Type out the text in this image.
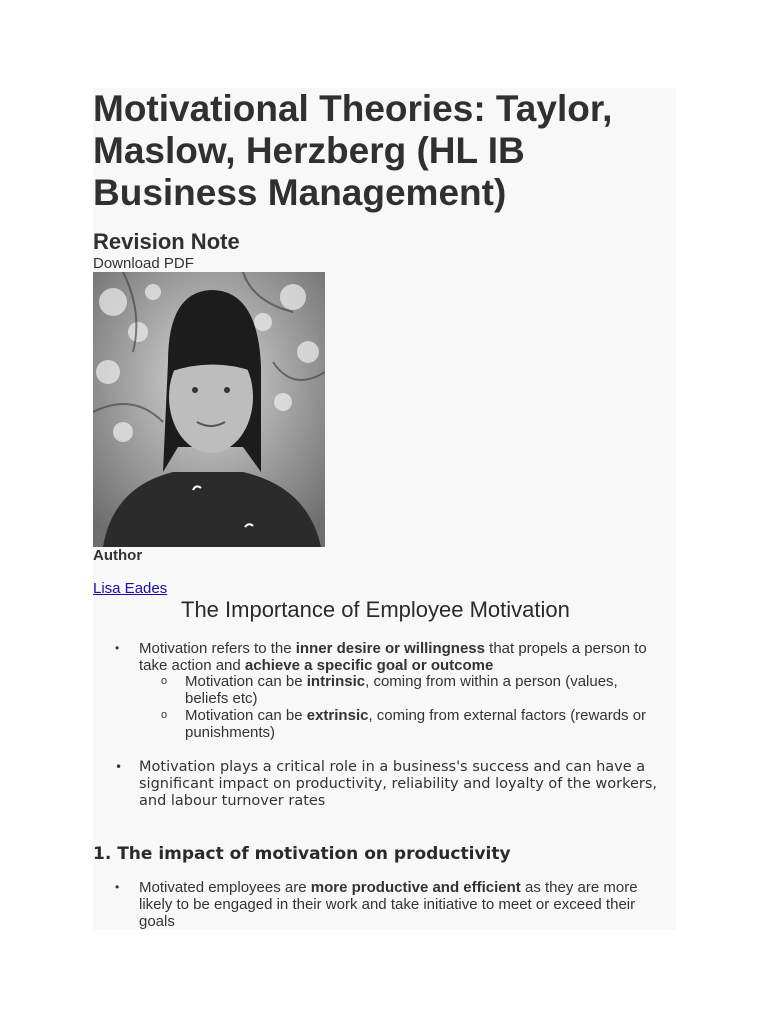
Motivational Theories: Taylor, Maslow, Herzberg (HL IB Business Management)
Revision Note
Download PDF
Author
Lisa Eades
The Importance of Employee Motivation
•	Motivation refers to the inner desire or willingness that propels a person to take action and achieve a specific goal or outcome
o Motivation can be intrinsic, coming from within a person (values, beliefs etc)
o Motivation can be extrinsic, coming from external factors (rewards or punishments)
• Motivation plays a critical role in a business's success and can have a significant impact on productivity, reliability and loyalty of the workers, and labour turnover rates
1. The impact of motivation on productivity
•	Motivated employees are more productive and efficient as they are more likely to be engaged in their work and take initiative to meet or exceed their goals
